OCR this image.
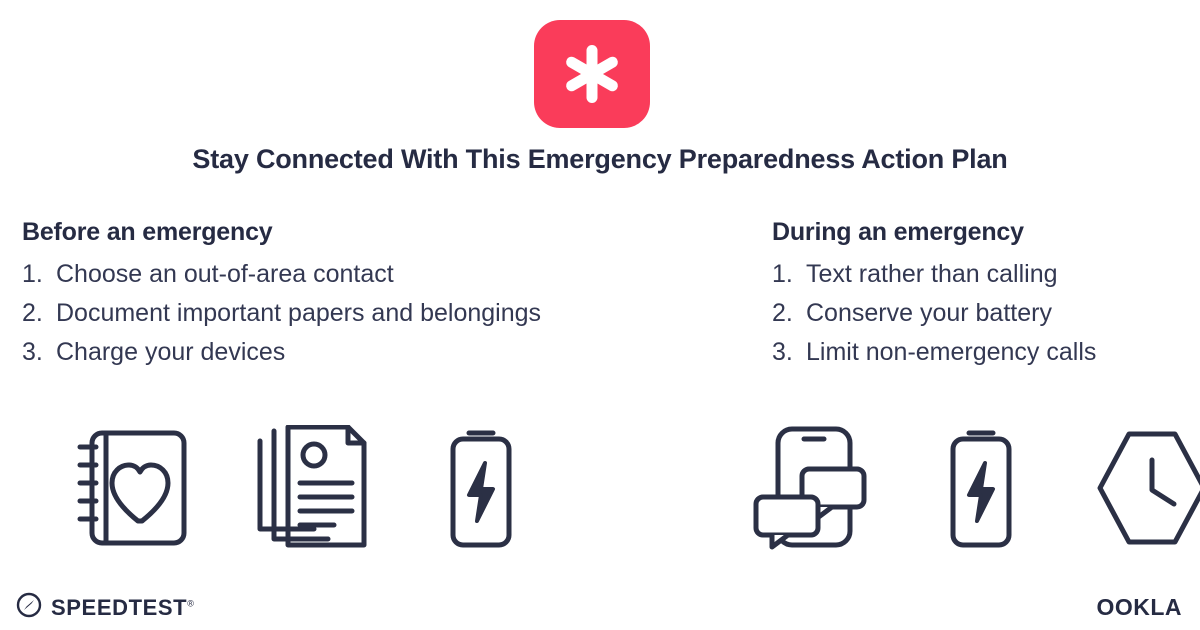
Stay Connected With This Emergency Preparedness Action Plan
Before an emergency
1. Choose an out-of-area contact
2. Document important papers and belongings
3. Charge your devices
During an emergency
1. Text rather than calling
2. Conserve your battery
3. Limit non-emergency calls
SPEEDTEST®	OOKLA
